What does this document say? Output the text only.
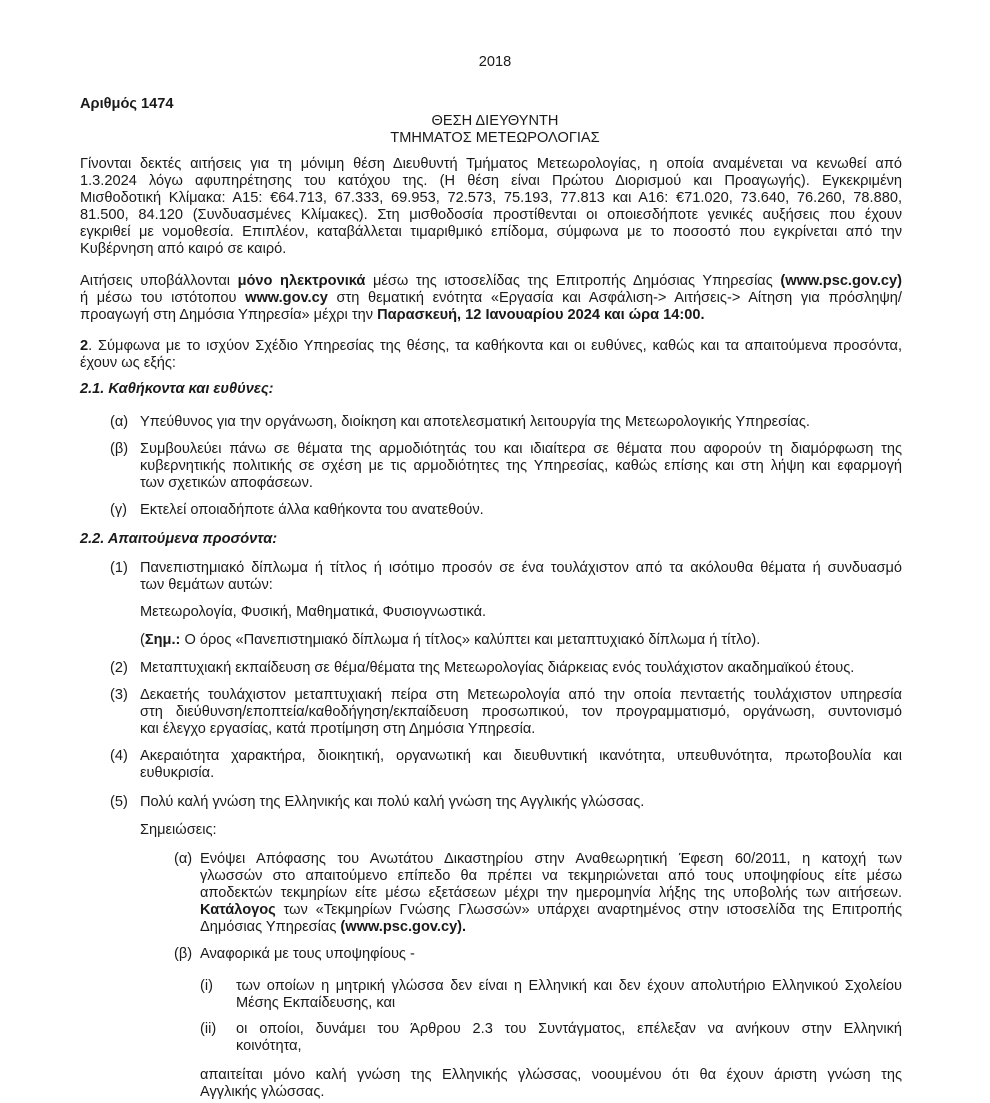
2018
Αριθμός 1474
ΘΕΣΗ ΔΙΕΥΘΥΝΤΗ
ΤΜΗΜΑΤΟΣ ΜΕΤΕΩΡΟΛΟΓΙΑΣ
Γίνονται δεκτές αιτήσεις για τη μόνιμη θέση Διευθυντή Τμήματος Μετεωρολογίας, η οποία αναμένεται να κενωθεί από
1.3.2024 λόγω αφυπηρέτησης του κατόχου της. (Η θέση είναι Πρώτου Διορισμού και Προαγωγής). Εγκεκριμένη
Μισθοδοτική Κλίμακα: Α15: €64.713, 67.333, 69.953, 72.573, 75.193, 77.813 και Α16: €71.020, 73.640, 76.260, 78.880,
81.500, 84.120 (Συνδυασμένες Κλίμακες). Στη μισθοδοσία προστίθενται οι οποιεσδήποτε γενικές αυξήσεις που έχουν
εγκριθεί με νομοθεσία. Επιπλέον, καταβάλλεται τιμαριθμικό επίδομα, σύμφωνα με το ποσοστό που εγκρίνεται από την
Κυβέρνηση από καιρό σε καιρό.
Αιτήσεις υποβάλλονται μόνο ηλεκτρονικά μέσω της ιστοσελίδας της Επιτροπής Δημόσιας Υπηρεσίας (www.psc.gov.cy)
ή μέσω του ιστότοπου www.gov.cy στη θεματική ενότητα «Εργασία και Ασφάλιση-> Αιτήσεις-> Αίτηση για πρόσληψη/
προαγωγή στη Δημόσια Υπηρεσία» μέχρι την Παρασκευή, 12 Ιανουαρίου 2024 και ώρα 14:00.
2. Σύμφωνα με το ισχύον Σχέδιο Υπηρεσίας της θέσης, τα καθήκοντα και οι ευθύνες, καθώς και τα απαιτούμενα προσόντα,
έχουν ως εξής:
2.1. Καθήκοντα και ευθύνες:
(α) Υπεύθυνος για την οργάνωση, διοίκηση και αποτελεσματική λειτουργία της Μετεωρολογικής Υπηρεσίας.
(β) Συμβουλεύει πάνω σε θέματα της αρμοδιότητάς του και ιδιαίτερα σε θέματα που αφορούν τη διαμόρφωση της
κυβερνητικής πολιτικής σε σχέση με τις αρμοδιότητες της Υπηρεσίας, καθώς επίσης και στη λήψη και εφαρμογή
των σχετικών αποφάσεων.
(γ) Εκτελεί οποιαδήποτε άλλα καθήκοντα του ανατεθούν.
2.2. Απαιτούμενα προσόντα:
(1) Πανεπιστημιακό δίπλωμα ή τίτλος ή ισότιμο προσόν σε ένα τουλάχιστον από τα ακόλουθα θέματα ή συνδυασμό
των θεμάτων αυτών:
Μετεωρολογία, Φυσική, Μαθηματικά, Φυσιογνωστικά.
(Σημ.: Ο όρος «Πανεπιστημιακό δίπλωμα ή τίτλος» καλύπτει και μεταπτυχιακό δίπλωμα ή τίτλο).
(2) Μεταπτυχιακή εκπαίδευση σε θέμα/θέματα της Μετεωρολογίας διάρκειας ενός τουλάχιστον ακαδημαϊκού έτους.
(3) Δεκαετής τουλάχιστον μεταπτυχιακή πείρα στη Μετεωρολογία από την οποία πενταετής τουλάχιστον υπηρεσία
στη διεύθυνση/εποπτεία/καθοδήγηση/εκπαίδευση προσωπικού, τον προγραμματισμό, οργάνωση, συντονισμό
και έλεγχο εργασίας, κατά προτίμηση στη Δημόσια Υπηρεσία.
(4) Ακεραιότητα χαρακτήρα, διοικητική, οργανωτική και διευθυντική ικανότητα, υπευθυνότητα, πρωτοβουλία και
ευθυκρισία.
(5) Πολύ καλή γνώση της Ελληνικής και πολύ καλή γνώση της Αγγλικής γλώσσας.
Σημειώσεις:
(α) Ενόψει Απόφασης του Ανωτάτου Δικαστηρίου στην Αναθεωρητική Έφεση 60/2011, η κατοχή των
γλωσσών στο απαιτούμενο επίπεδο θα πρέπει να τεκμηριώνεται από τους υποψηφίους είτε μέσω
αποδεκτών τεκμηρίων είτε μέσω εξετάσεων μέχρι την ημερομηνία λήξης της υποβολής των αιτήσεων.
Κατάλογος των «Τεκμηρίων Γνώσης Γλωσσών» υπάρχει αναρτημένος στην ιστοσελίδα της Επιτροπής
Δημόσιας Υπηρεσίας (www.psc.gov.cy).
(β) Αναφορικά με τους υποψηφίους -
(i) των οποίων η μητρική γλώσσα δεν είναι η Ελληνική και δεν έχουν απολυτήριο Ελληνικού Σχολείου
Μέσης Εκπαίδευσης, και
(ii) οι οποίοι, δυνάμει του Άρθρου 2.3 του Συντάγματος, επέλεξαν να ανήκουν στην Ελληνική
κοινότητα,
απαιτείται μόνο καλή γνώση της Ελληνικής γλώσσας, νοουμένου ότι θα έχουν άριστη γνώση της
Αγγλικής γλώσσας.
